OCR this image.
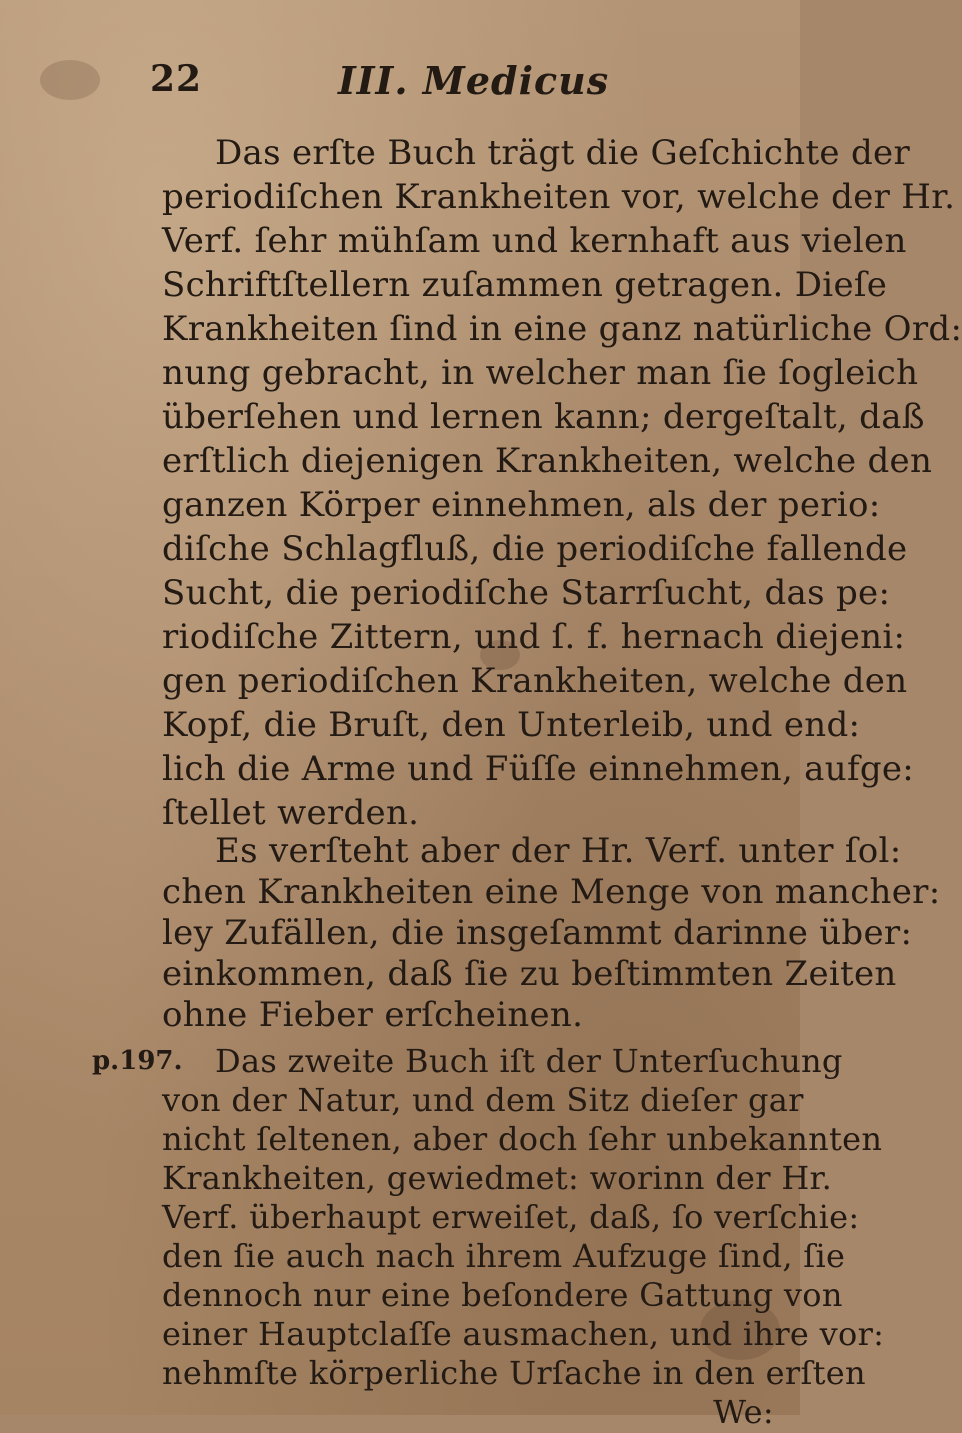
22	III. Medicus
p.197.
Das erſte Buch trägt die Geſchichte der
periodiſchen Krankheiten vor, welche der Hr.
Verf. ſehr mühſam und kernhaft aus vielen
Schriftſtellern zuſammen getragen. Dieſe
Krankheiten ſind in eine ganz natürliche Ord:
nung gebracht, in welcher man ſie ſogleich
überſehen und lernen kann; dergeſtalt, daß
erſtlich diejenigen Krankheiten, welche den
ganzen Körper einnehmen, als der perio:
diſche Schlagfluß, die periodiſche fallende
Sucht, die periodiſche Starrſucht, das pe:
riodiſche Zittern, und ſ. f. hernach diejeni:
gen periodiſchen Krankheiten, welche den
Kopf, die Bruſt, den Unterleib, und end:
lich die Arme und Füſſe einnehmen, aufge:
ſtellet werden.
Es verſteht aber der Hr. Verf. unter ſol:
chen Krankheiten eine Menge von mancher:
ley Zufällen, die insgeſammt darinne über:
einkommen, daß ſie zu beſtimmten Zeiten
ohne Fieber erſcheinen.
Das zweite Buch iſt der Unterſuchung
von der Natur, und dem Sitz dieſer gar
nicht ſeltenen, aber doch ſehr unbekannten
Krankheiten, gewiedmet: worinn der Hr.
Verf. überhaupt erweiſet, daß, ſo verſchie:
den ſie auch nach ihrem Aufzuge ſind, ſie
dennoch nur eine beſondere Gattung von
einer Hauptclaſſe ausmachen, und ihre vor:
nehmſte körperliche Urſache in den erſten
We:
